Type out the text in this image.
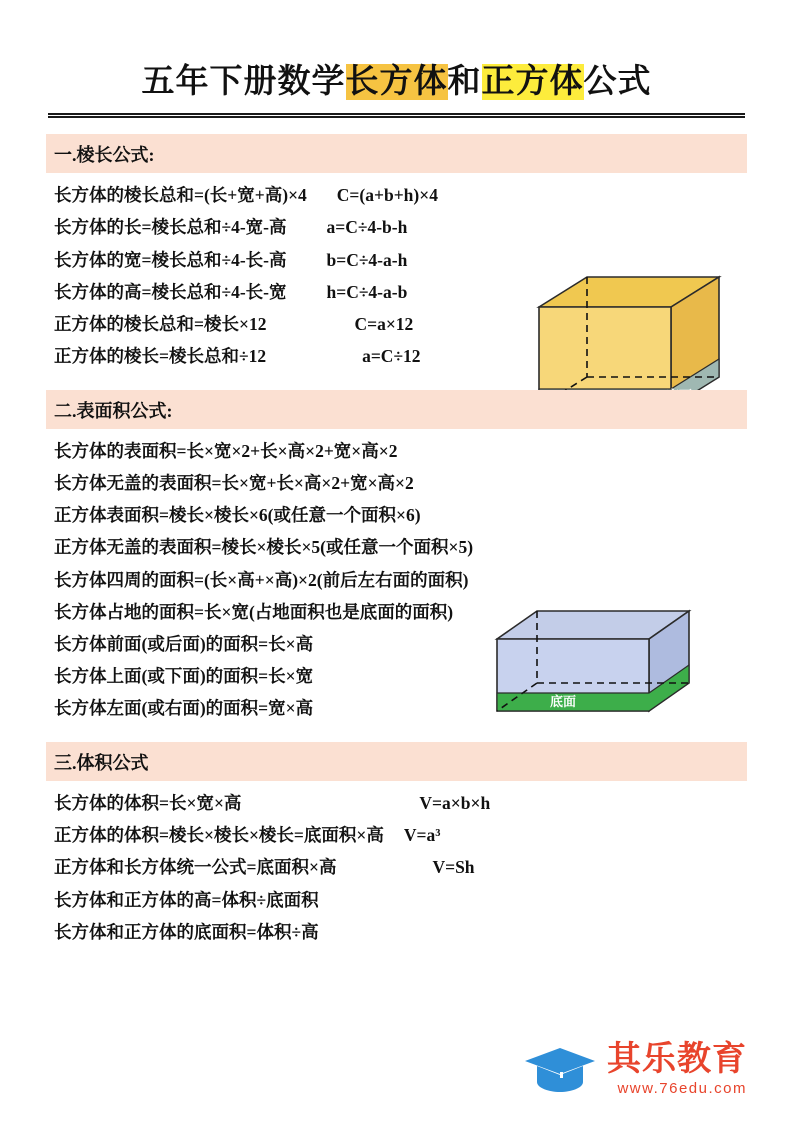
五年下册数学长方体和正方体公式
一.棱长公式:
长方体的棱长总和=(长+宽+高)×4 C=(a+b+h)×4
长方体的长=棱长总和÷4-宽-高 a=C÷4-b-h
长方体的宽=棱长总和÷4-长-高 b=C÷4-a-h
长方体的高=棱长总和÷4-长-宽 h=C÷4-a-b
正方体的棱长总和=棱长×12	C=a×12
正方体的棱长=棱长总和÷12	a=C÷12
二.表面积公式:
长方体的表面积=长×宽×2+长×高×2+宽×高×2
长方体无盖的表面积=长×宽+长×高×2+宽×高×2
正方体表面积=棱长×棱长×6(或任意一个面积×6)
正方体无盖的表面积=棱长×棱长×5(或任意一个面积×5)
长方体四周的面积=(长×高+×高)×2(前后左右面的面积)
长方体占地的面积=长×宽(占地面积也是底面的面积)
长方体前面(或后面)的面积=长×高
长方体上面(或下面)的面积=长×宽
长方体左面(或右面)的面积=宽×高	底面
三.体积公式
长方体的体积=长×宽×高	V=a×b×h
正方体的体积=棱长×棱长×棱长=底面积×高 V=a³
正方体和长方体统一公式=底面积×高	V=Sh
长方体和正方体的高=体积÷底面积
长方体和正方体的底面积=体积÷高
其乐教育
www.76edu.com
